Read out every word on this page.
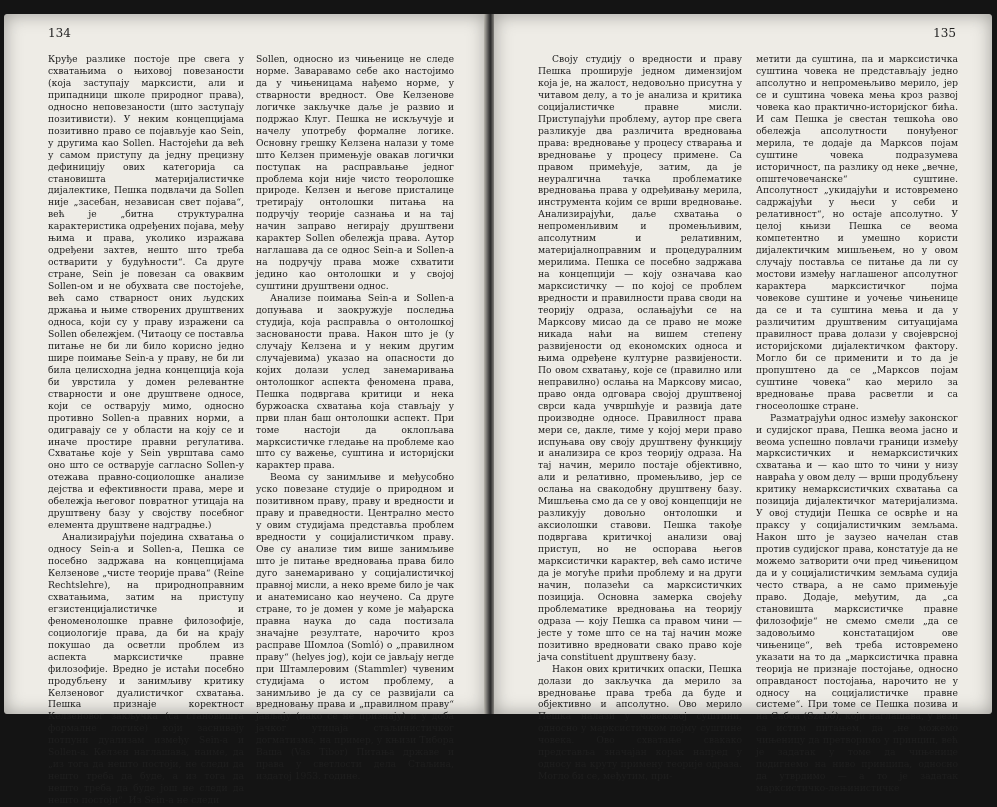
134

Круђе разлике постоје пре свега у схватањима о њиховој повезаности (која заступају марксисти, али и припадници школе природног права), односно неповезаности (што заступају позитивисти). У неким концепцијама позитивно право се појављује као Sein, у другима као Sollen. Настојећи да већ у самом приступу да једну прецизну дефиницију ових категорија са становишта материјалистичке дијалектике, Пешка подвлачи да Sollen није „засебан, независан свет појава“, већ је „битна структурална карактеристика одређених појава, међу њима и права, уколико изражава одређени захтев, нешто што треба остварити у будућности“. Са друге стране, Sein је повезан са оваквим Sollen-ом и не обухвата све постојеће, већ само стварност оних људских држања и њиме створених друштвених односа, који су у праву изражени са Sollen обележјем. (Читаоцу се поставља питање не би ли било корисно једно шире поимање Sein-а у праву, не би ли била целисходна једна концепција која би уврстила у домен релевантне стварности и оне друштвене односе, који се остварују мимо, односно противно Sollen-а правних норми, а одигравају се у области на коју се и иначе простире правни регулатива. Схватање које у Sein уврштава само оно што се остварује сагласно Sollen-у отежава правно-социолошке анализе дејства и ефективности права, мере и обележја његовог повратног утицаја на друштвену базу у својству посебног елемента друштвене надградње.)

Анализирајући поједина схватања о односу Sein-а и Sollen-а, Пешка се посебно задржава на концепцијама Келзенове „чисте теорије права“ (Reine Rechtslehre), на природноправним схватањима, затим на приступу егзистенцијалистичке и феноменолошке правне филозофије, социологије права, да би на крају покушао да осветли проблем из аспекта марксистичке правне филозофије. Вредно је истаћи посебно продубљену и занимљиву критику Келзеновог дуалистичког схватања. Пешка признаје коректност Келзеновог закључка (са становишта формалне логике) који заснивају потпуни дуализам између Sein-а и Sollen-а. Келзен наглашава, наиме, да „из тога да нешто постоји, не следи да нешто треба да буде, а из тога да нешто треба да буде још не следи да нешто постоји“. Из Sein-а не следи

Sollen, односно из чињенице не следе норме. Заваравамо себе ако настојимо да у чињеницама нађемо норме, у стварности вредност. Ове Келзенове логичке закључке даље је развио и подржао Клуг. Пешка не искључује и начелу употребу формалне логике. Основну грешку Келзена налази у томе што Келзен примењује овакав логички поступак на расправљање једног проблема који није чисто теоролошке природе. Келзен и његове присталице третирају онтолошки питања на подручју теорије сазнања и на тај начин заправо негирају друштвени карактер Sollen обележја права. Аутор наглашава да се однос Sein-а и Sollen-а на подручју права може схватити једино као онтолошки и у својој суштини друштвени однос.

Анализе поимања Sein-а и Sollen-а допуњава и заокружује последња студија, која расправља о онтолошкој заснованости права. Након што је (у случају Келзена и у неким другим случајевима) указао на опасности до којих долази услед занемаривања онтолошког аспекта феномена права, Пешка подвргава критици и нека буржоаска схватања која стављају у први план баш онтолошки аспект. При томе настоји да оклопљава марксистичке гледање на проблеме као што су важење, суштина и историјски карактер права.

Веома су занимљиве и међусобно уско повезане студије о природном и позитивном праву, праву и вредности и праву и праведности. Централно место у овим студијама представља проблем вредности у социјалистичком праву. Ове су анализе тим више занимљиве што је питање вредновања права било дуго занемаривано у социјалистичкој правној мисли, а неко време било је чак и анатемисано као неучено. Са друге стране, то је домен у коме је мађарска правна наука до сада постизала значајне резултате, нарочито кроз расправе Шомлоа (Somló) о „правилном праву“ (helyes jog), који се јављају негде при Штамлеровим (Stammler) чувеним студијама о истом проблему, а занимљиво је да су се развијали са вредновању права и „правилном праву“ јављају (иако се не признају) и у доба јачког утицаја стаљинистичког догматизма, на пример, у књизи Тибора Ваша (Vas Tibor) Питања државе и права у светлости дела Стаљина, издатој 1953. године.

135

Своју студију о вредности и праву Пешка проширује једном димензијом која је, на жалост, недовољно присутна у читавом делу, а то је анализа и критика социјалистичке правне мисли. Приступајући проблему, аутор пре свега разликује два различита вредновања права: вредновање у процесу стварања и вредновање у процесу примене. Са правом примећује, затим, да је неуралгична тачка проблематике вредновања права у одређивању мерила, инструмента којим се врши вредновање. Анализирајући, даље схватања о непроменљивим и промењљивим, апсолутним и релативним, материјалноправним и процедуралним мерилима. Пешка се посебно задржава на концепцији — коју означава као марксистичку — по којој се проблем вредности и правилности права своди на теорију одраза, ослањајући се на Марксову мисао да се право не може никада наћи на вишем степену развијености од економских односа и њима одређене културне развијености. По овом схватању, које се (правилно или неправилно) ослања на Марксову мисао, право онда одговара својој друштвеној сврси када учвршћује и развија дате производне односе. Правилност права мери се, дакле, тиме у којој мери право испуњава ову своју друштвену функцију и анализира се кроз теорију одраза. На тај начин, мерило постаје објективно, али и релативно, промењљиво, јер се ослања на свакодобну друштвену базу. Мишљења смо да се у овој концепцији не разликују довољно онтолошки и аксиолошки ставови. Пешка такође подвргава критичкој анализи овај приступ, но не оспорава његов марксистички карактер, већ само истиче да је могуће прићи проблему и на други начин, полазећи са марксистичких позиција. Основна замерка својећу проблематике вредновања на теорију одраза — коју Пешка са правом чини — јесте у томе што се на тај начин може позитивно вредновати свако право које јача constituent друштвену базу.

Након ових критичких опаски, Пешка долази до закључка да мерило за вредновање права треба да буде и објективно и апсолутно. Ово мерило Пешка налази у човековој суштини, односно у марксистичком појму суштине човека. Ово схватање свакако представља значајан корак напред у односу на круту примену теорије одраза. Могло би се, међутим, при-

метити да суштина, па и марксистичка суштина човека не представљају једно апсолутно и непромењљиво мерило, јер се и суштина човека мења кроз развој човека као практично-историјског бића. И сам Пешка је свестан тешкоћа ово обележја апсолутности понуђеног мерила, те додаје да Марксов појам суштине човека подразумева историчност, па разлику од неке „вечне, општечовечанске“ суштине. Апсолутност „укидајући и истовремено садржајући у њеси у себи и релативност“, но остаје апсолутно. У целој књизи Пешка се веома компетентно и умешно користи дијалектичким мишљењем, но у овом случају поставља се питање да ли су мостови између наглашеног апсолутног карактера марксистичког појма човекове суштине и уочење чињенице да се и та суштина мења и да у различитим друштвеним ситуацијама правилност права долази у својеврсној историјскоми дијалектичком фактору. Могло би се применити и то да је пропуштено да се „Марксов појам суштине човека“ као мерило за вредновање права расветли и са гносеолошке стране.

Разматрајући однос између законског и судијског права, Пешка веома јасно и веома успешно повлачи граници између марксистичких и немарксистичких схватања и — као што то чини у низу навраћа у овом делу — врши продубљену критику немарксистичких схватања са позиција дијалектичког материјализма. У овој студији Пешка се осврће и на праксу у социјалистичким земљама. Након што је заузео начелан став против судијског права, констатује да не можемо затворити очи пред чињеницом да и у социјалистичким земљама судија често ствара, а не само примењује право. Додаје, међутим, да „са становишта марксистичке правне филозофије“ не смемо смели „да се задовољимо констатацијом ове чињенице“, већ треба истовремено указати на то да „марксистичка правна теорија не признаје постојање, односно оправданост постојања, нарочито не у односу на социјалистичке правне системе“. При томе се Пешка позива и на Сабоа (Szabó), који наглашава, у вези са истим питањем, да „не можемо чињеницу да претворимо у принцип, већ је задатак у томе да чињенице подигнемо на ниво принципа, односно да утврдимо — а то је задатак марксистичко-лењинистичке
